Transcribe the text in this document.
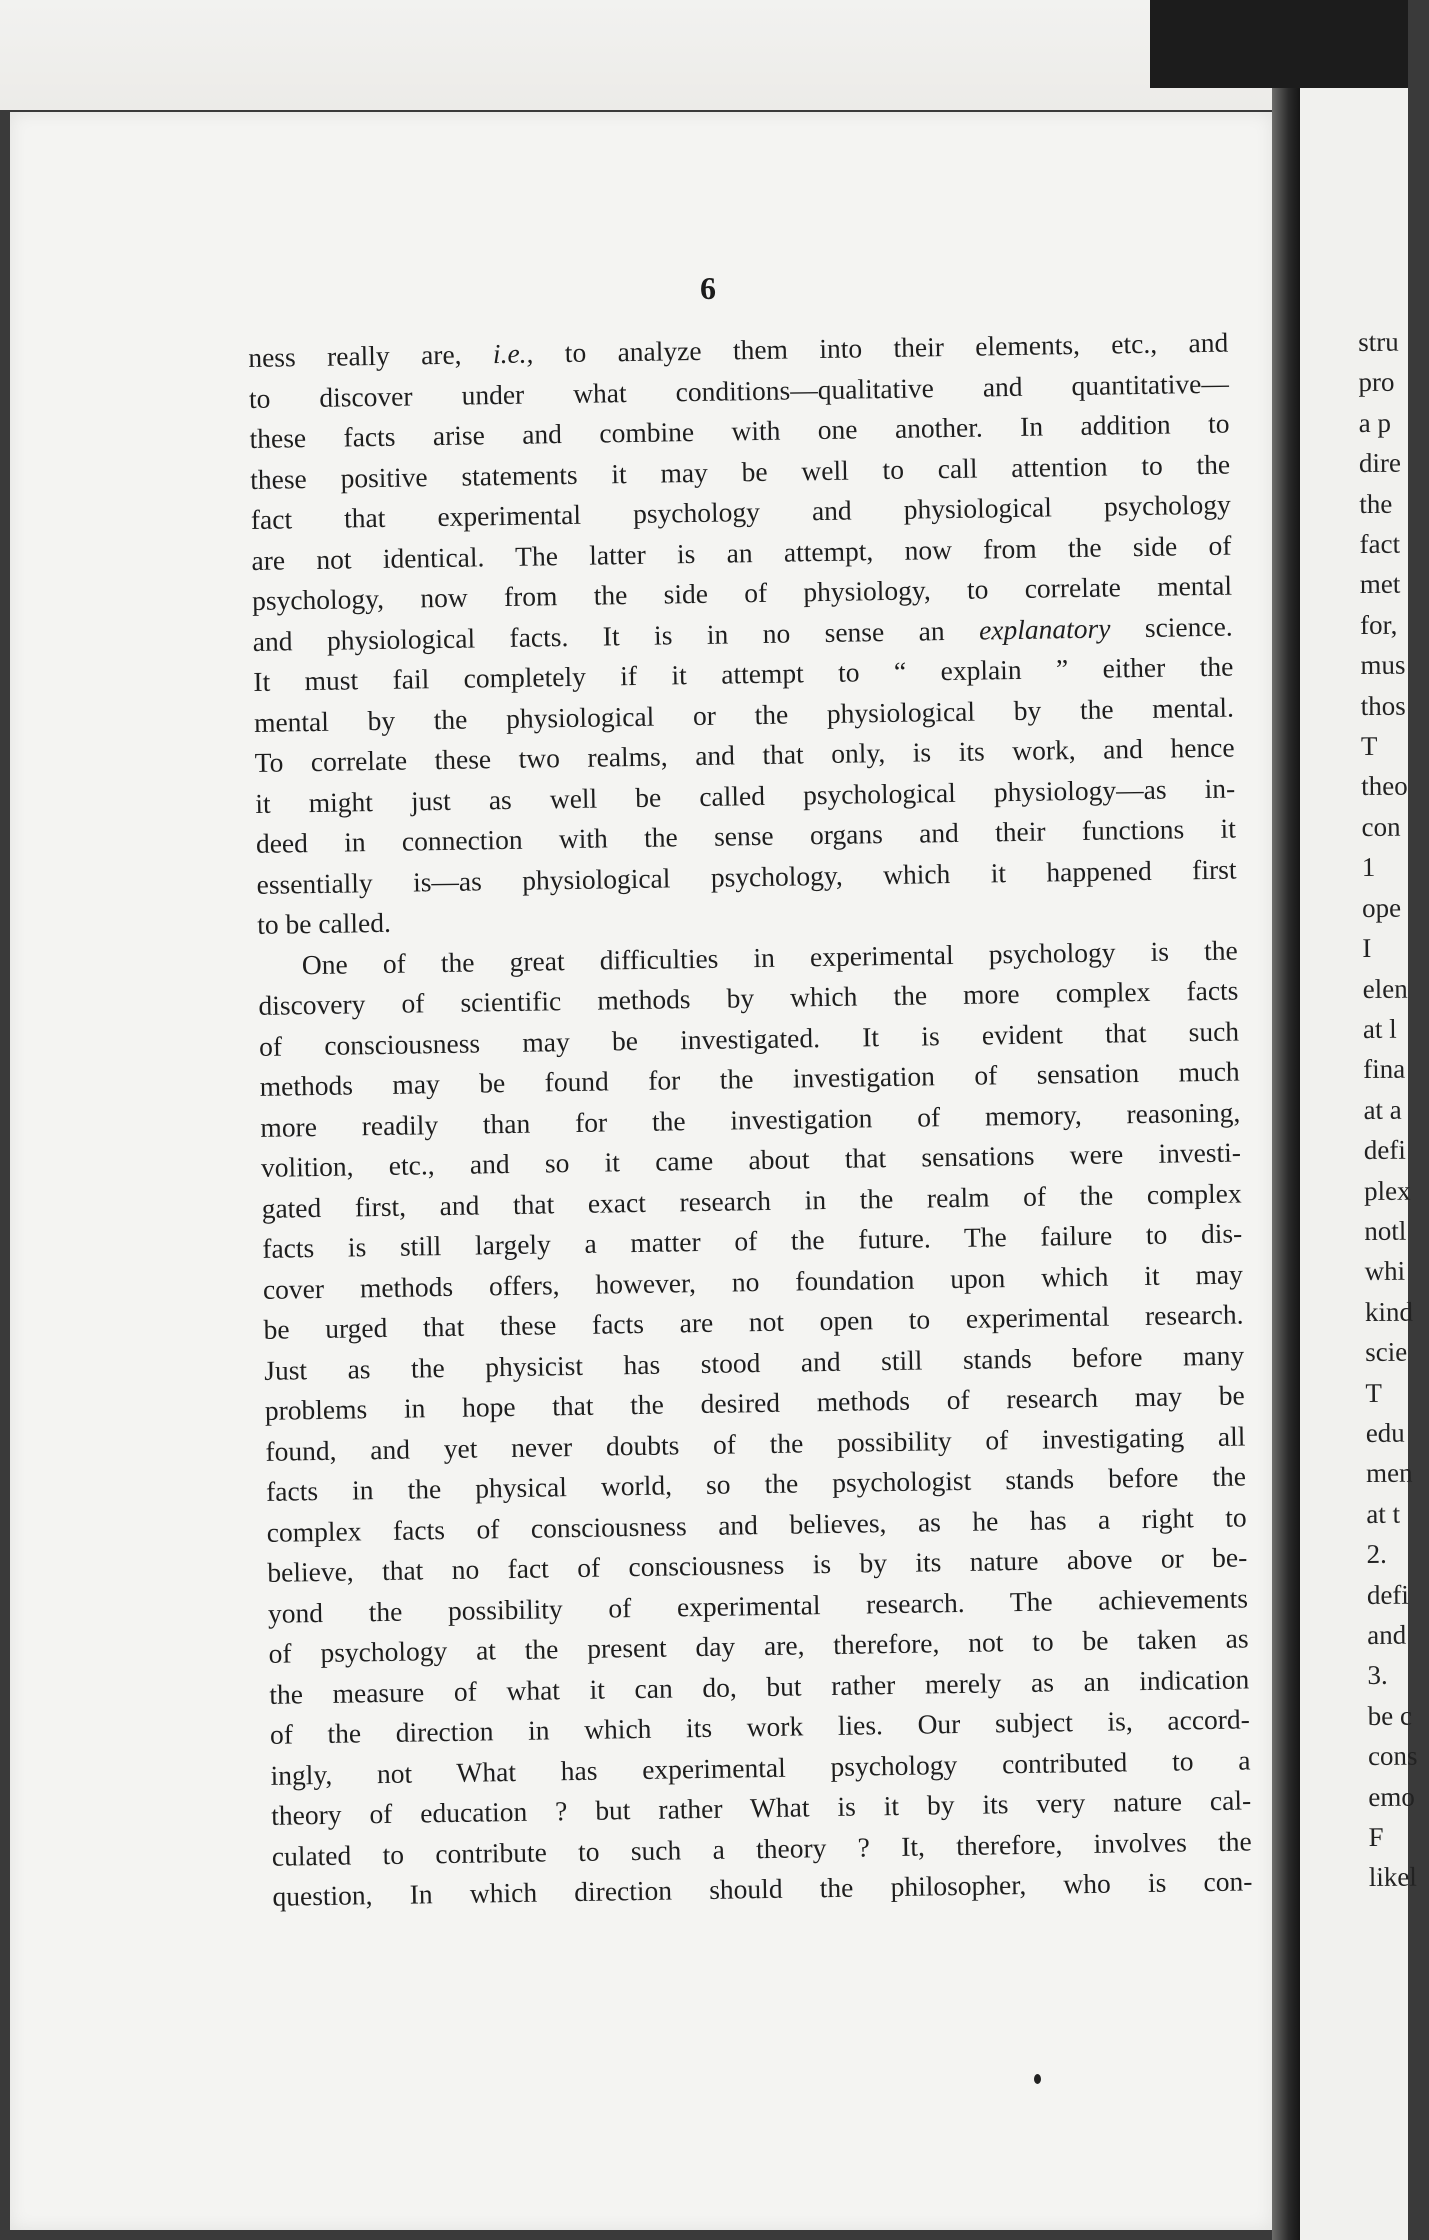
6
ness really are, i.e., to analyze them into their elements, etc., and
to discover under what conditions—qualitative and quantitative—
these facts arise and combine with one another. In addition to
these positive statements it may be well to call attention to the
fact that experimental psychology and physiological psychology
are not identical. The latter is an attempt, now from the side of
psychology, now from the side of physiology, to correlate mental
and physiological facts. It is in no sense an explanatory science.
It must fail completely if it attempt to “ explain ” either the
mental by the physiological or the physiological by the mental.
To correlate these two realms, and that only, is its work, and hence
it might just as well be called psychological physiology—as in-
deed in connection with the sense organs and their functions it
essentially is—as physiological psychology, which it happened first
to be called.
One of the great difficulties in experimental psychology is the
discovery of scientific methods by which the more complex facts
of consciousness may be investigated. It is evident that such
methods may be found for the investigation of sensation much
more readily than for the investigation of memory, reasoning,
volition, etc., and so it came about that sensations were investi-
gated first, and that exact research in the realm of the complex
facts is still largely a matter of the future. The failure to dis-
cover methods offers, however, no foundation upon which it may
be urged that these facts are not open to experimental research.
Just as the physicist has stood and still stands before many
problems in hope that the desired methods of research may be
found, and yet never doubts of the possibility of investigating all
facts in the physical world, so the psychologist stands before the
complex facts of consciousness and believes, as he has a right to
believe, that no fact of consciousness is by its nature above or be-
yond the possibility of experimental research. The achievements
of psychology at the present day are, therefore, not to be taken as
the measure of what it can do, but rather merely as an indication
of the direction in which its work lies. Our subject is, accord-
ingly, not What has experimental psychology contributed to a
theory of education ? but rather What is it by its very nature cal-
culated to contribute to such a theory ? It, therefore, involves the
question, In which direction should the philosopher, who is con-
stru
pro
a p
dire
the
fact
met
for,
mus
thos
T
theo
con
1
ope
I
elen
at l
fina
at a
defi
plex
notl
whi
kind
scie
T
edu
men
at t
2.
defi
and
3.
be c
cons
emo
F
likel
